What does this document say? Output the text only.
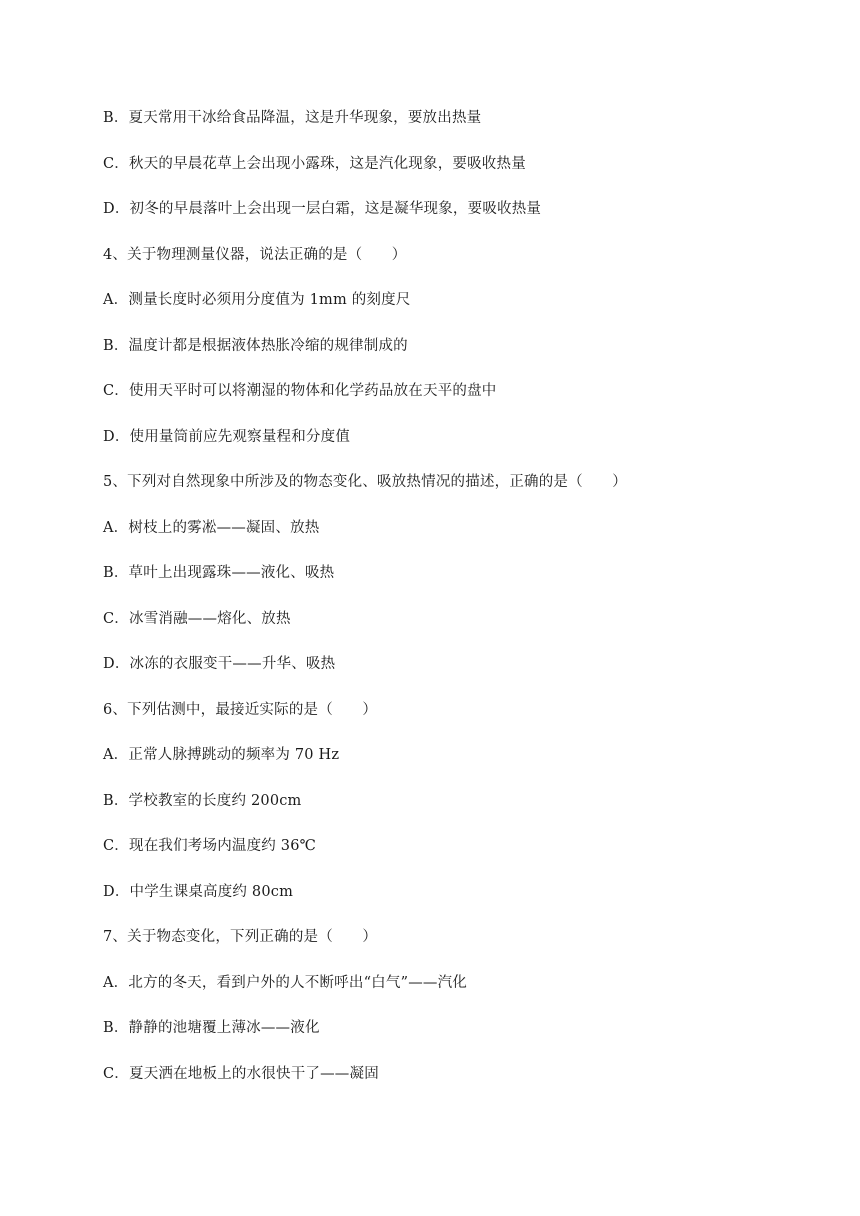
B．夏天常用干冰给食品降温，这是升华现象，要放出热量
C．秋天的早晨花草上会出现小露珠，这是汽化现象，要吸收热量
D．初冬的早晨落叶上会出现一层白霜，这是凝华现象，要吸收热量
4、关于物理测量仪器，说法正确的是（　　）
A．测量长度时必须用分度值为 1mm 的刻度尺
B．温度计都是根据液体热胀冷缩的规律制成的
C．使用天平时可以将潮湿的物体和化学药品放在天平的盘中
D．使用量筒前应先观察量程和分度值
5、下列对自然现象中所涉及的物态变化、吸放热情况的描述，正确的是（　　）
A．树枝上的雾凇——凝固、放热
B．草叶上出现露珠——液化、吸热
C．冰雪消融——熔化、放热
D．冰冻的衣服变干——升华、吸热
6、下列估测中，最接近实际的是（　　）
A．正常人脉搏跳动的频率为 70 Hz
B．学校教室的长度约 200cm
C．现在我们考场内温度约 36℃
D．中学生课桌高度约 80cm
7、关于物态变化，下列正确的是（　　）
A．北方的冬天，看到户外的人不断呼出“白气”——汽化
B．静静的池塘覆上薄冰——液化
C．夏天洒在地板上的水很快干了——凝固
